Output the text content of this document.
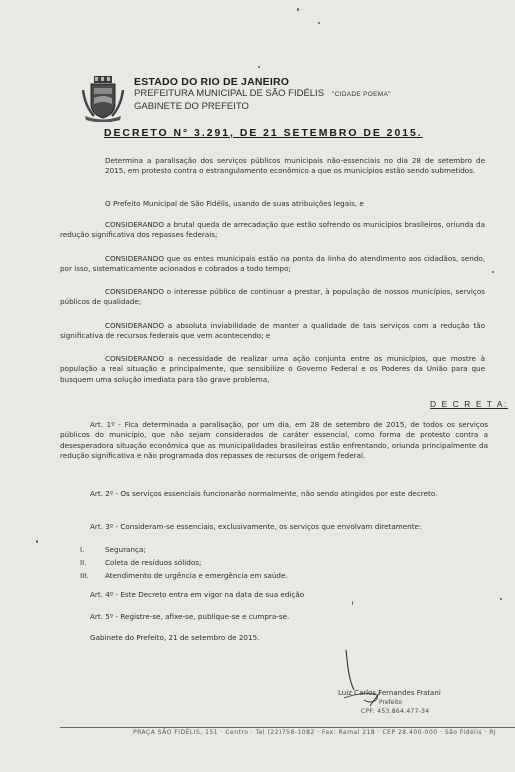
ESTADO DO RIO DE JANEIRO
PREFEITURA MUNICIPAL DE SÃO FIDÉLIS "CIDADE POEMA"
GABINETE DO PREFEITO
DECRETO N° 3.291, DE 21 SETEMBRO DE 2015.
Determina a paralisação dos serviços públicos municipais não-essenciais no dia 28 de setembro de 2015, em protesto contra o estrangulamento econômico a que os municípios estão sendo submetidos.
O Prefeito Municipal de São Fidélis, usando de suas atribuições legais, e
CONSIDERANDO a brutal queda de arrecadação que estão sofrendo os municípios brasileiros, oriunda da redução significativa dos repasses federais;
CONSIDERANDO que os entes municipais estão na ponta da linha do atendimento aos cidadãos, sendo, por isso, sistematicamente acionados e cobrados a todo tempo;
CONSIDERANDO o interesse público de continuar a prestar, à população de nossos municípios, serviços públicos de qualidade;
CONSIDERANDO a absoluta inviabilidade de manter a qualidade de tais serviços com a redução tão significativa de recursos federais que vem acontecendo; e
CONSIDERANDO a necessidade de realizar uma ação conjunta entre os municípios, que mostre à população a real situação e principalmente, que sensibilize o Governo Federal e os Poderes da União para que busquem uma solução imediata para tão grave problema,
D E C R E T A:
Art. 1º - Fica determinada a paralisação, por um dia, em 28 de setembro de 2015, de todos os serviços públicos do município, que não sejam considerados de caráter essencial, como forma de protesto contra a desesperadora situação econômica que as municipalidades brasileiras estão enfrentando, oriunda principalmente da redução significativa e não programada dos repasses de recursos de origem federal.
Art. 2º - Os serviços essenciais funcionarão normalmente, não sendo atingidos por este decreto.
Art. 3º - Consideram-se essenciais, exclusivamente, os serviços que envolvam diretamente:
I.	Segurança;
II.	Coleta de resíduos sólidos;
III. Atendimento de urgência e emergência em saúde.
Art. 4º - Este Decreto entra em vigor na data de sua edição
Art. 5º - Registre-se, afixe-se, publique-se e cumpra-se.
Gabinete do Prefeito, 21 de setembro de 2015.
Luiz Carlos Fernandes Fratani
Prefeito
CPF: 453.864.477-34
PRAÇA SÃO FIDÉLIS, 151 · Centro · Tel (22)758-1082 · Fax: Ramal 218 · CEP 28.400-000 · São Fidélis · RJ
